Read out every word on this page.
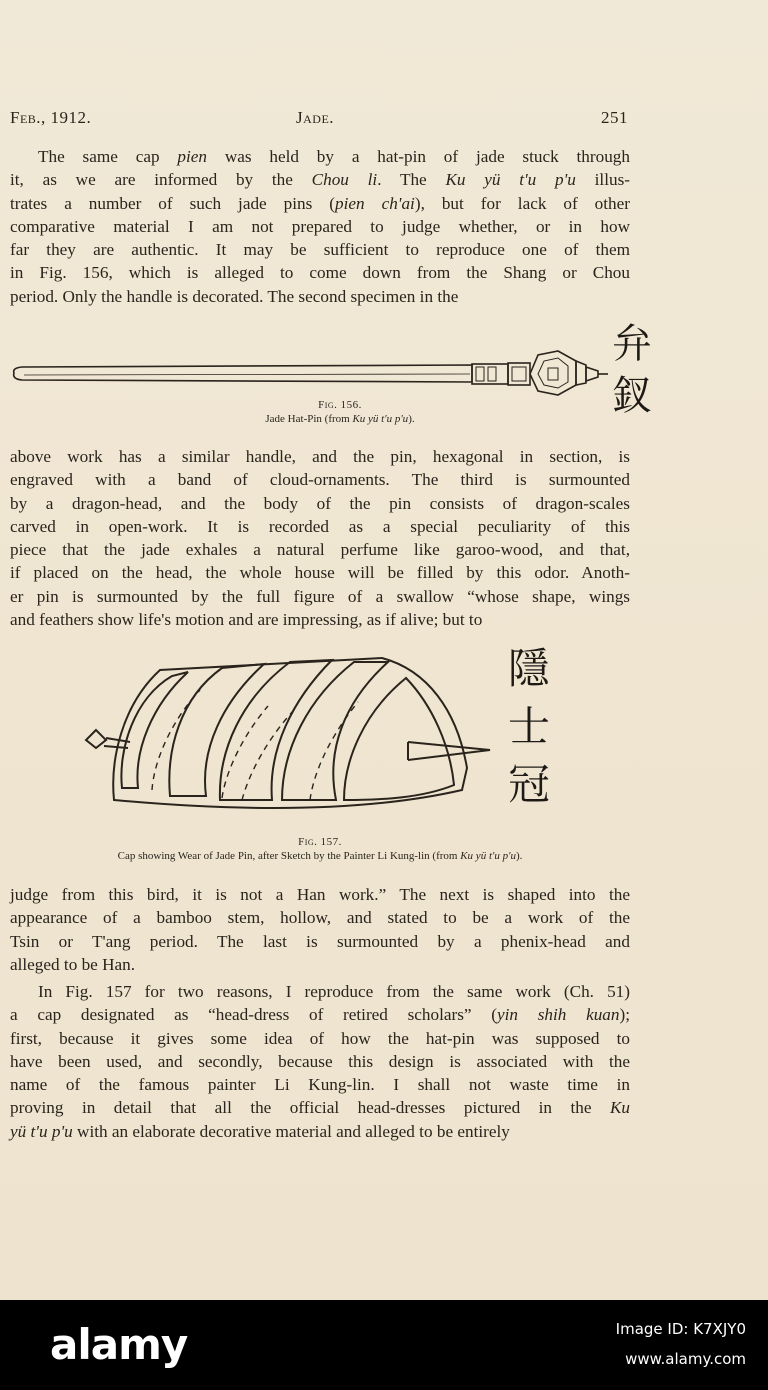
Feb., 1912.	Jade.	251

The same cap pien was held by a hat-pin of jade stuck through
it, as we are informed by the Chou li. The Ku yü t'u p'u illus-
trates a number of such jade pins (pien ch'ai), but for lack of other
comparative material I am not prepared to judge whether, or in how
far they are authentic. It may be sufficient to reproduce one of them
in Fig. 156, which is alleged to come down from the Shang or Chou
period. Only the handle is decorated. The second specimen in the

Fig. 156.
Jade Hat-Pin (from Ku yü t'u p'u).
弁
釵

above work has a similar handle, and the pin, hexagonal in section, is
engraved with a band of cloud-ornaments. The third is surmounted
by a dragon-head, and the body of the pin consists of dragon-scales
carved in open-work. It is recorded as a special peculiarity of this
piece that the jade exhales a natural perfume like garoo-wood, and that,
if placed on the head, the whole house will be filled by this odor. Anoth-
er pin is surmounted by the full figure of a swallow “whose shape, wings
and feathers show life's motion and are impressing, as if alive; but to

隱
士
冠
Fig. 157.
Cap showing Wear of Jade Pin, after Sketch by the Painter Li Kung-lin (from Ku yü t'u p'u).

judge from this bird, it is not a Han work.” The next is shaped into the
appearance of a bamboo stem, hollow, and stated to be a work of the
Tsin or T'ang period. The last is surmounted by a phenix-head and
alleged to be Han.

In Fig. 157 for two reasons, I reproduce from the same work (Ch. 51)
a cap designated as “head-dress of retired scholars” (yin shih kuan);
first, because it gives some idea of how the hat-pin was supposed to
have been used, and secondly, because this design is associated with the
name of the famous painter Li Kung-lin. I shall not waste time in
proving in detail that all the official head-dresses pictured in the Ku
yü t'u p'u with an elaborate decorative material and alleged to be entirely

alamy	Image ID: K7XJY0
www.alamy.com
